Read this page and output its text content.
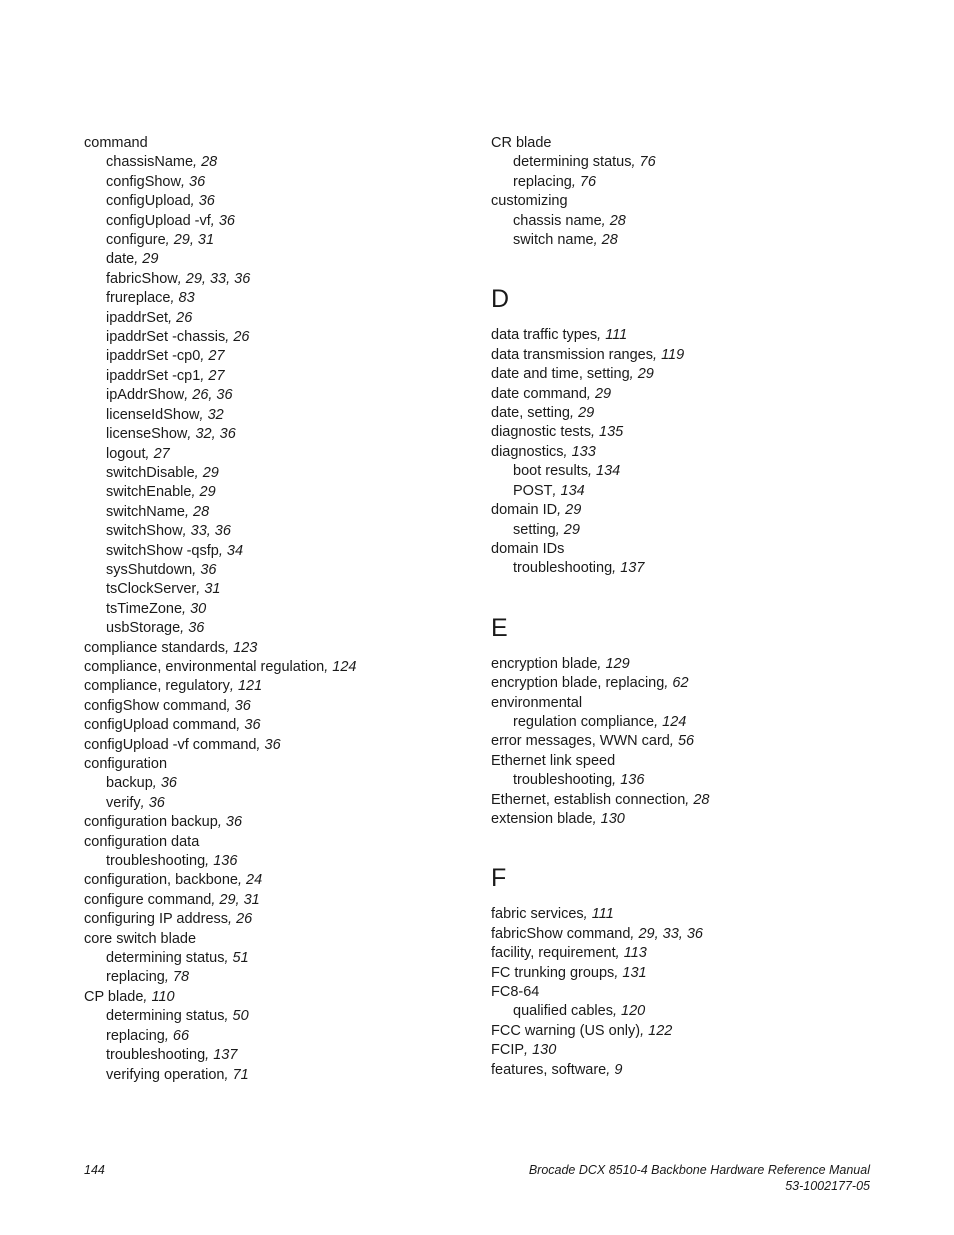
command
chassisName, 28
configShow, 36
configUpload, 36
configUpload -vf, 36
configure, 29, 31
date, 29
fabricShow, 29, 33, 36
frureplace, 83
ipaddrSet, 26
ipaddrSet -chassis, 26
ipaddrSet -cp0, 27
ipaddrSet -cp1, 27
ipAddrShow, 26, 36
licenseIdShow, 32
licenseShow, 32, 36
logout, 27
switchDisable, 29
switchEnable, 29
switchName, 28
switchShow, 33, 36
switchShow -qsfp, 34
sysShutdown, 36
tsClockServer, 31
tsTimeZone, 30
usbStorage, 36
compliance standards, 123
compliance, environmental regulation, 124
compliance, regulatory, 121
configShow command, 36
configUpload command, 36
configUpload -vf command, 36
configuration
backup, 36
verify, 36
configuration backup, 36
configuration data
troubleshooting, 136
configuration, backbone, 24
configure command, 29, 31
configuring IP address, 26
core switch blade
determining status, 51
replacing, 78
CP blade, 110
determining status, 50
replacing, 66
troubleshooting, 137
verifying operation, 71
CR blade
determining status, 76
replacing, 76
customizing
chassis name, 28
switch name, 28
D
data traffic types, 111
data transmission ranges, 119
date and time, setting, 29
date command, 29
date, setting, 29
diagnostic tests, 135
diagnostics, 133
boot results, 134
POST, 134
domain ID, 29
setting, 29
domain IDs
troubleshooting, 137
E
encryption blade, 129
encryption blade, replacing, 62
environmental
regulation compliance, 124
error messages, WWN card, 56
Ethernet link speed
troubleshooting, 136
Ethernet, establish connection, 28
extension blade, 130
F
fabric services, 111
fabricShow command, 29, 33, 36
facility, requirement, 113
FC trunking groups, 131
FC8-64
qualified cables, 120
FCC warning (US only), 122
FCIP, 130
features, software, 9
144	Brocade DCX 8510-4 Backbone Hardware Reference Manual
53-1002177-05
